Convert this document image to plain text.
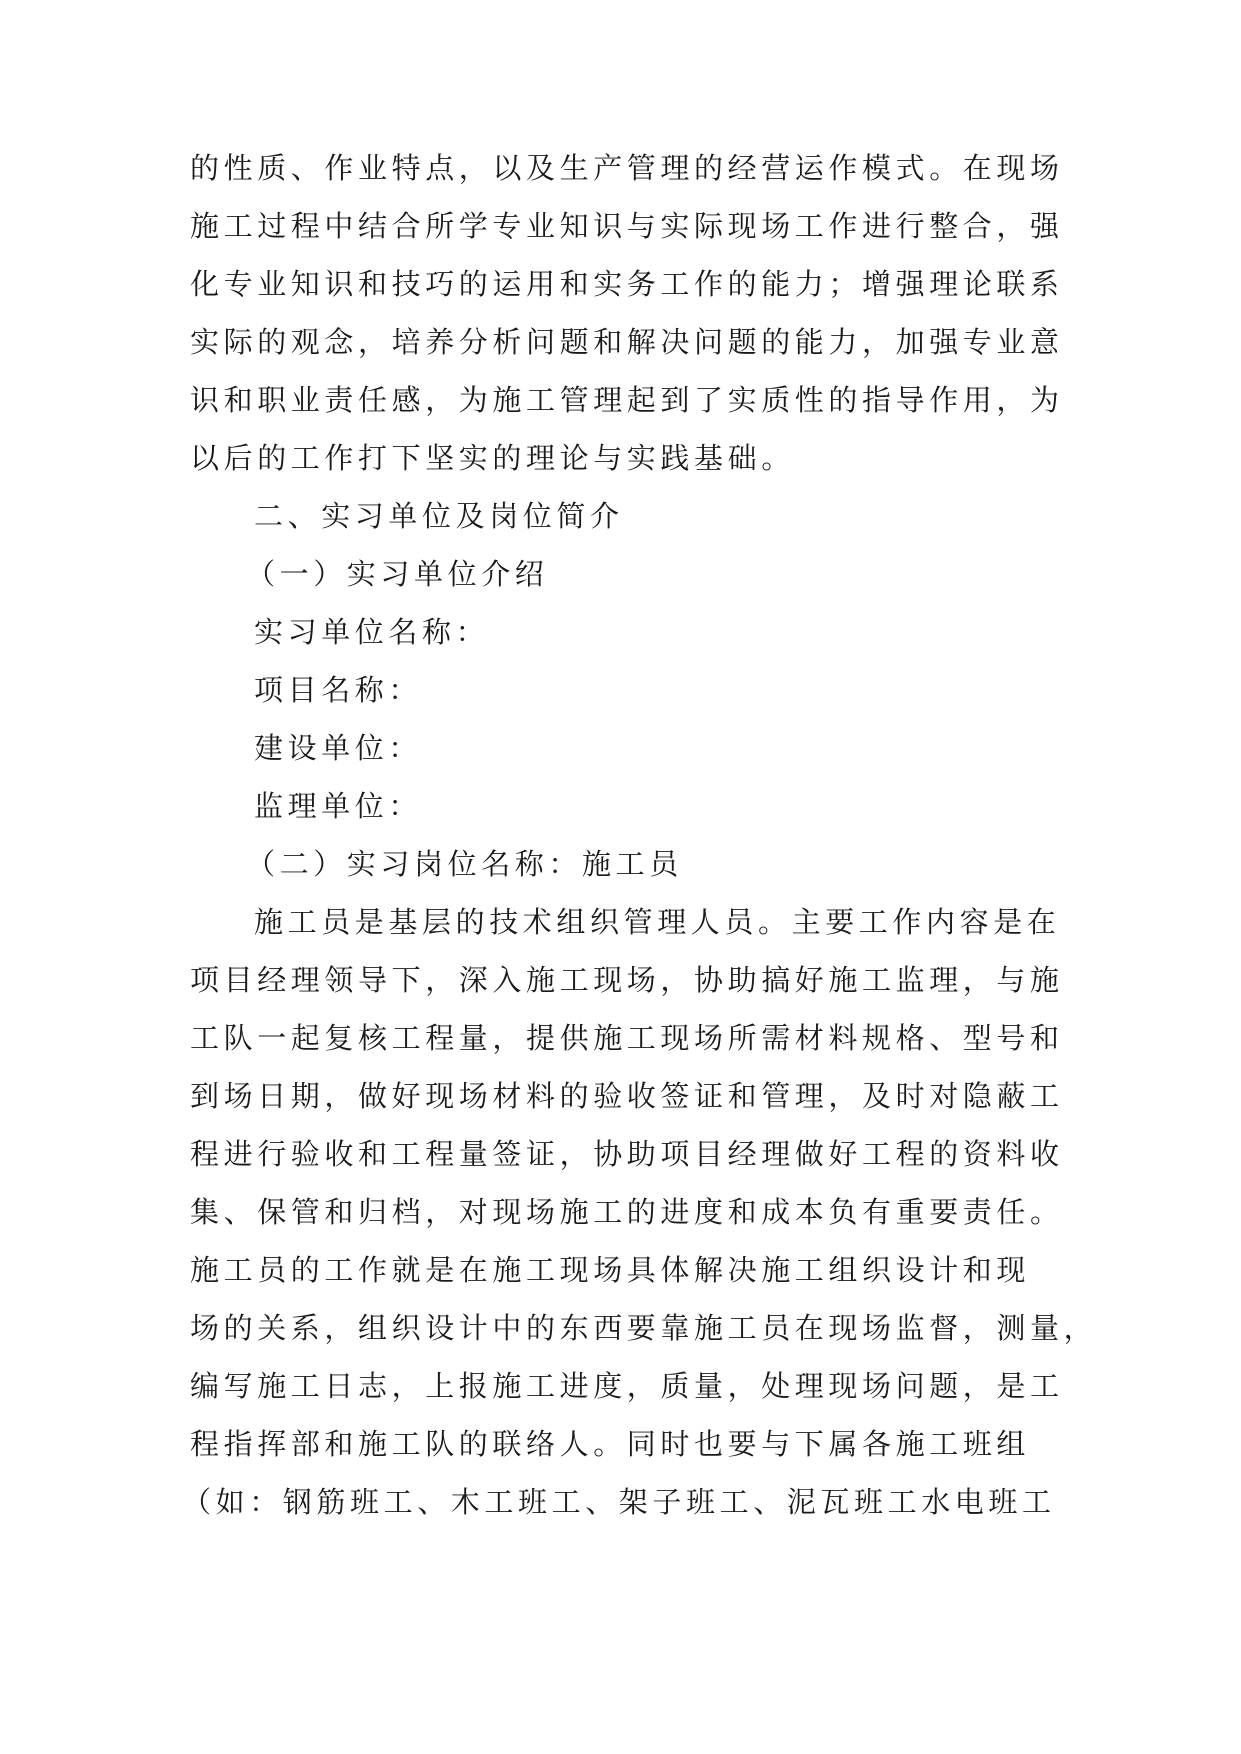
的性质、作业特点，以及生产管理的经营运作模式。在现场
施工过程中结合所学专业知识与实际现场工作进行整合，强
化专业知识和技巧的运用和实务工作的能力；增强理论联系
实际的观念，培养分析问题和解决问题的能力，加强专业意
识和职业责任感，为施工管理起到了实质性的指导作用，为
以后的工作打下坚实的理论与实践基础。
二、实习单位及岗位简介
（一）实习单位介绍
实习单位名称：
项目名称：
建设单位：
监理单位：
（二）实习岗位名称：施工员
施工员是基层的技术组织管理人员。主要工作内容是在
项目经理领导下，深入施工现场，协助搞好施工监理，与施
工队一起复核工程量，提供施工现场所需材料规格、型号和
到场日期，做好现场材料的验收签证和管理，及时对隐蔽工
程进行验收和工程量签证，协助项目经理做好工程的资料收
集、保管和归档，对现场施工的进度和成本负有重要责任。
施工员的工作就是在施工现场具体解决施工组织设计和现
场的关系，组织设计中的东西要靠施工员在现场监督，测量，
编写施工日志，上报施工进度，质量，处理现场问题，是工
程指挥部和施工队的联络人。同时也要与下属各施工班组
（如：钢筋班工、木工班工、架子班工、泥瓦班工水电班工
